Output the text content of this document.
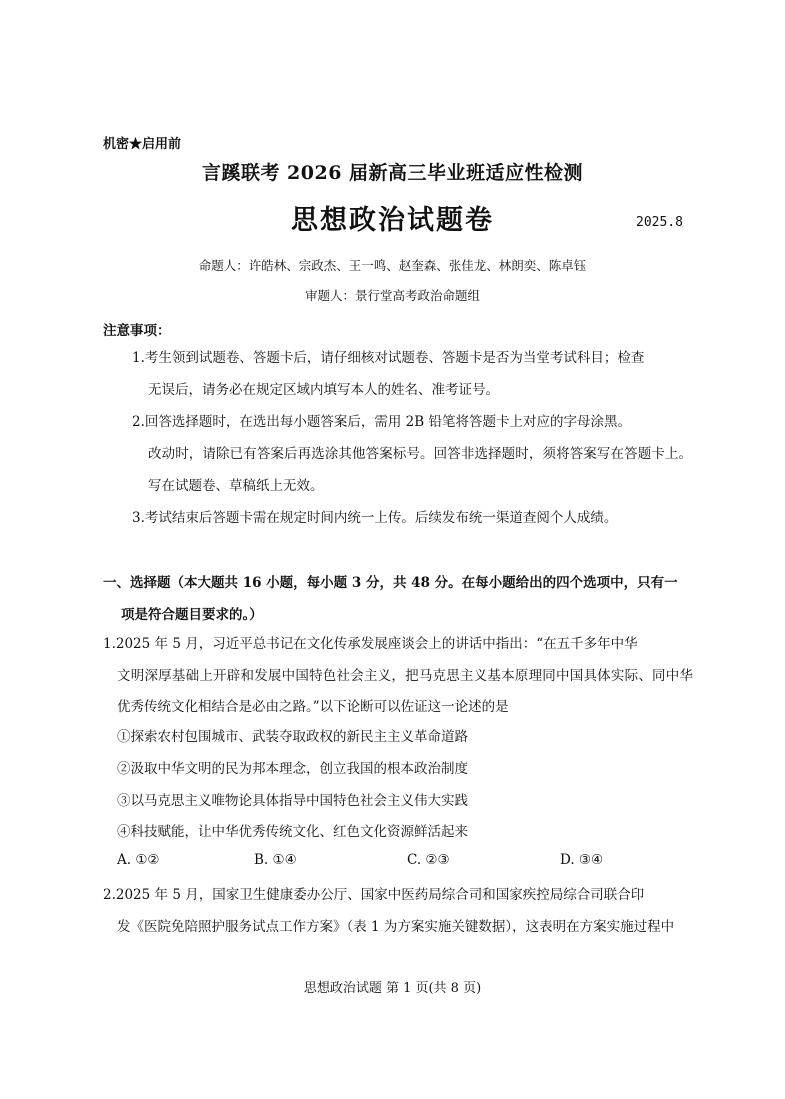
机密★启用前
言蹊联考 2026 届新高三毕业班适应性检测
思想政治试题卷	2025.8
命题人：许皓林、宗政杰、王一鸣、赵奎森、张佳龙、林朗奕、陈卓钰
审题人：景行堂高考政治命题组
注意事项：
1.考生领到试题卷、答题卡后，请仔细核对试题卷、答题卡是否为当堂考试科目；检查
无误后，请务必在规定区域内填写本人的姓名、准考证号。
2.回答选择题时，在选出每小题答案后，需用 2B 铅笔将答题卡上对应的字母涂黑。
改动时，请除已有答案后再选涂其他答案标号。回答非选择题时，须将答案写在答题卡上。写在试题卷、草稿纸上无效。
3.考试结束后答题卡需在规定时间内统一上传。后续发布统一渠道查阅个人成绩。
一、选择题（本大题共 16 小题，每小题 3 分，共 48 分。在每小题给出的四个选项中，只有一
项是符合题目要求的。）
1.2025 年 5 月，习近平总书记在文化传承发展座谈会上的讲话中指出：“在五千多年中华
文明深厚基础上开辟和发展中国特色社会主义，把马克思主义基本原理同中国具体实际、同中华优秀传统文化相结合是必由之路。”以下论断可以佐证这一论述的是
①探索农村包围城市、武装夺取政权的新民主主义革命道路
②汲取中华文明的民为邦本理念，创立我国的根本政治制度
③以马克思主义唯物论具体指导中国特色社会主义伟大实践
④科技赋能，让中华优秀传统文化、红色文化资源鲜活起来
A. ①②	B. ①④	C. ②③	D. ③④
2.2025 年 5 月，国家卫生健康委办公厅、国家中医药局综合司和国家疾控局综合司联合印
发《医院免陪照护服务试点工作方案》（表 1 为方案实施关键数据），这表明在方案实施过程中
思想政治试题 第 1 页(共 8 页)
